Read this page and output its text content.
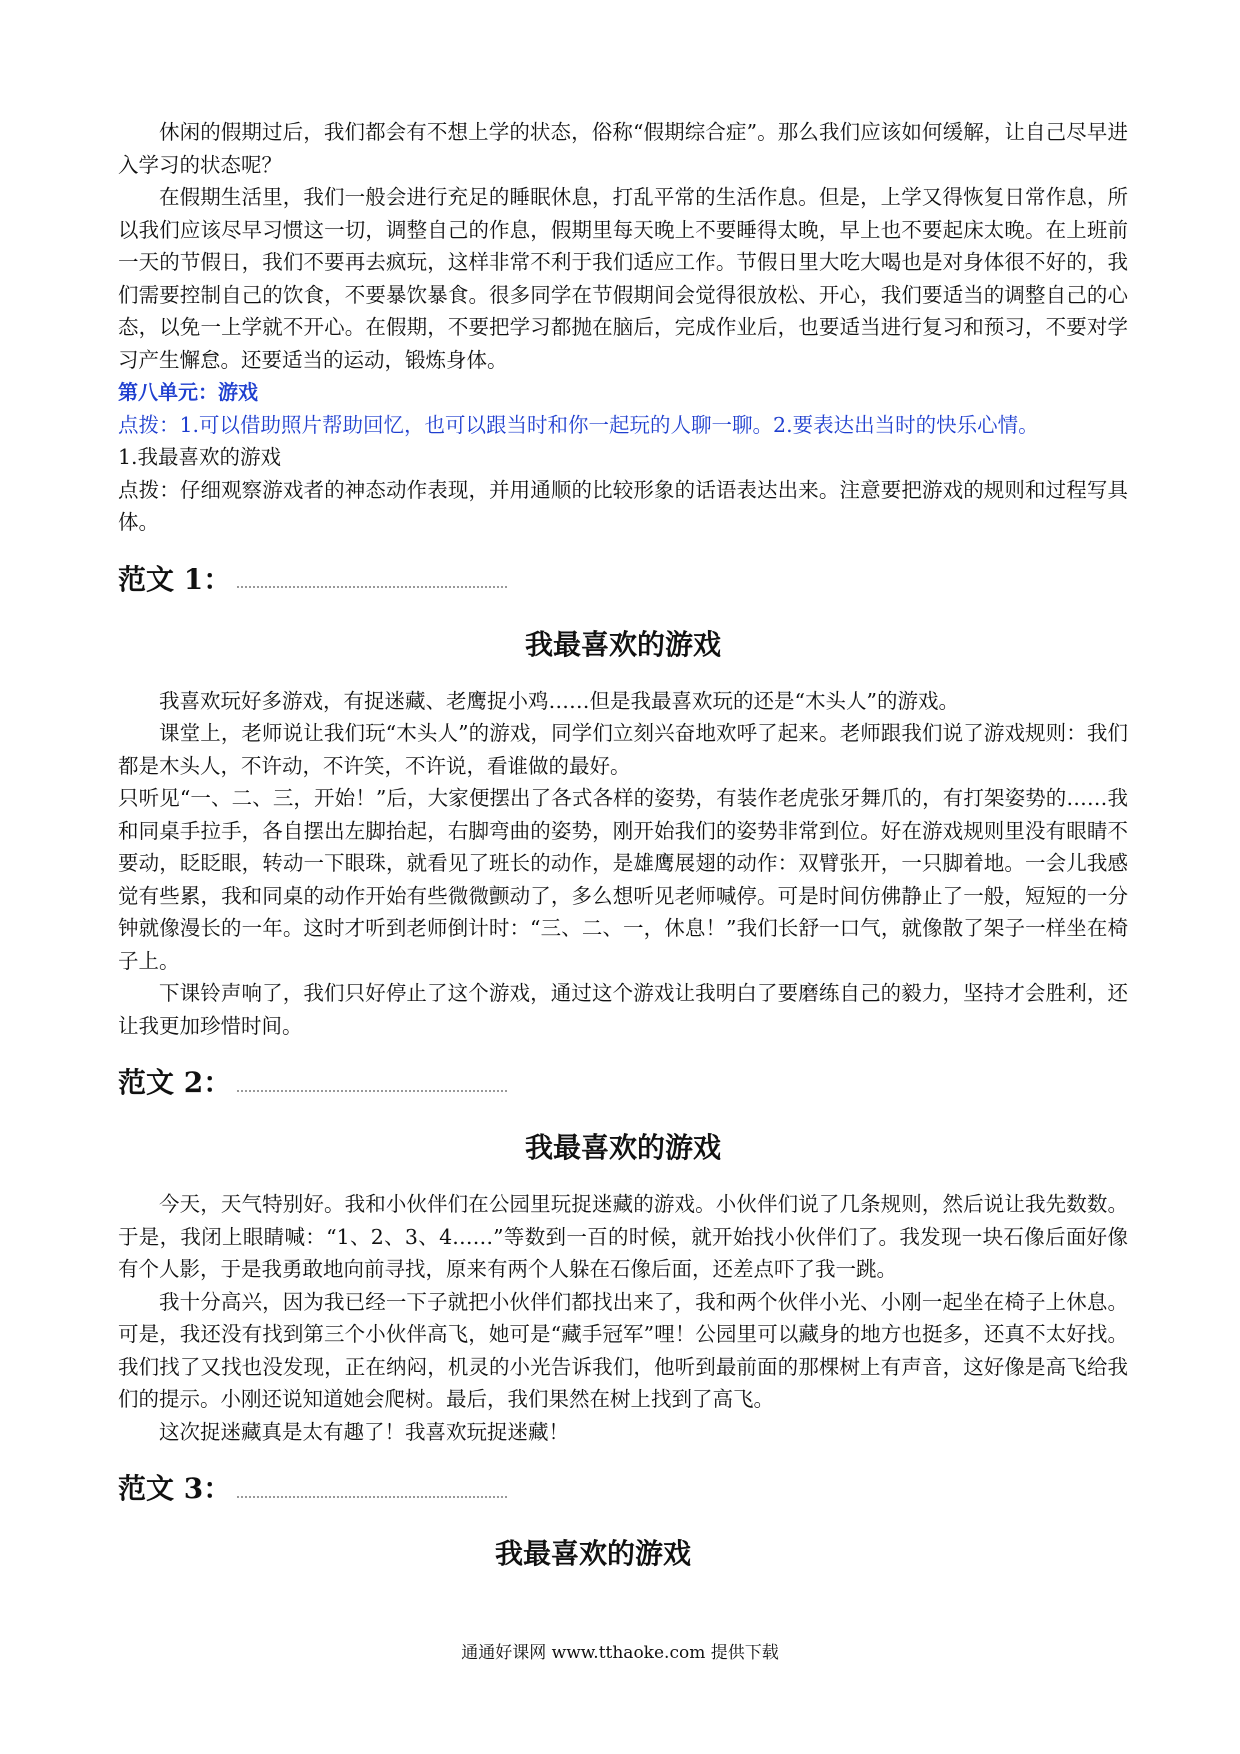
休闲的假期过后，我们都会有不想上学的状态，俗称“假期综合症”。那么我们应该如何缓解，让自己尽早进入学习的状态呢？

在假期生活里，我们一般会进行充足的睡眠休息，打乱平常的生活作息。但是，上学又得恢复日常作息，所以我们应该尽早习惯这一切，调整自己的作息，假期里每天晚上不要睡得太晚，早上也不要起床太晚。在上班前一天的节假日，我们不要再去疯玩，这样非常不利于我们适应工作。节假日里大吃大喝也是对身体很不好的，我们需要控制自己的饮食，不要暴饮暴食。很多同学在节假期间会觉得很放松、开心，我们要适当的调整自己的心态，以免一上学就不开心。在假期，不要把学习都抛在脑后，完成作业后，也要适当进行复习和预习，不要对学习产生懈怠。还要适当的运动，锻炼身体。

第八单元：游戏

点拨：1.可以借助照片帮助回忆，也可以跟当时和你一起玩的人聊一聊。2.要表达出当时的快乐心情。

1.我最喜欢的游戏

点拨：仔细观察游戏者的神态动作表现，并用通顺的比较形象的话语表达出来。注意要把游戏的规则和过程写具体。

范文 1：
我最喜欢的游戏

我喜欢玩好多游戏，有捉迷藏、老鹰捉小鸡……但是我最喜欢玩的还是“木头人”的游戏。

课堂上，老师说让我们玩“木头人”的游戏，同学们立刻兴奋地欢呼了起来。老师跟我们说了游戏规则：我们都是木头人，不许动，不许笑，不许说，看谁做的最好。

只听见“一、二、三，开始！”后，大家便摆出了各式各样的姿势，有装作老虎张牙舞爪的，有打架姿势的……我和同桌手拉手，各自摆出左脚抬起，右脚弯曲的姿势，刚开始我们的姿势非常到位。好在游戏规则里没有眼睛不要动，眨眨眼，转动一下眼珠，就看见了班长的动作，是雄鹰展翅的动作：双臂张开，一只脚着地。一会儿我感觉有些累，我和同桌的动作开始有些微微颤动了，多么想听见老师喊停。可是时间仿佛静止了一般，短短的一分钟就像漫长的一年。这时才听到老师倒计时：“三、二、一，休息！”我们长舒一口气，就像散了架子一样坐在椅子上。

下课铃声响了，我们只好停止了这个游戏，通过这个游戏让我明白了要磨练自己的毅力，坚持才会胜利，还让我更加珍惜时间。

范文 2：
我最喜欢的游戏

今天，天气特别好。我和小伙伴们在公园里玩捉迷藏的游戏。小伙伴们说了几条规则，然后说让我先数数。于是，我闭上眼睛喊：“1、2、3、4……”等数到一百的时候，就开始找小伙伴们了。我发现一块石像后面好像有个人影，于是我勇敢地向前寻找，原来有两个人躲在石像后面，还差点吓了我一跳。

我十分高兴，因为我已经一下子就把小伙伴们都找出来了，我和两个伙伴小光、小刚一起坐在椅子上休息。可是，我还没有找到第三个小伙伴高飞，她可是“藏手冠军”哩！公园里可以藏身的地方也挺多，还真不太好找。我们找了又找也没发现，正在纳闷，机灵的小光告诉我们，他听到最前面的那棵树上有声音，这好像是高飞给我们的提示。小刚还说知道她会爬树。最后，我们果然在树上找到了高飞。

这次捉迷藏真是太有趣了！我喜欢玩捉迷藏！

范文 3：
我最喜欢的游戏
通通好课网 www.tthaoke.com 提供下载
